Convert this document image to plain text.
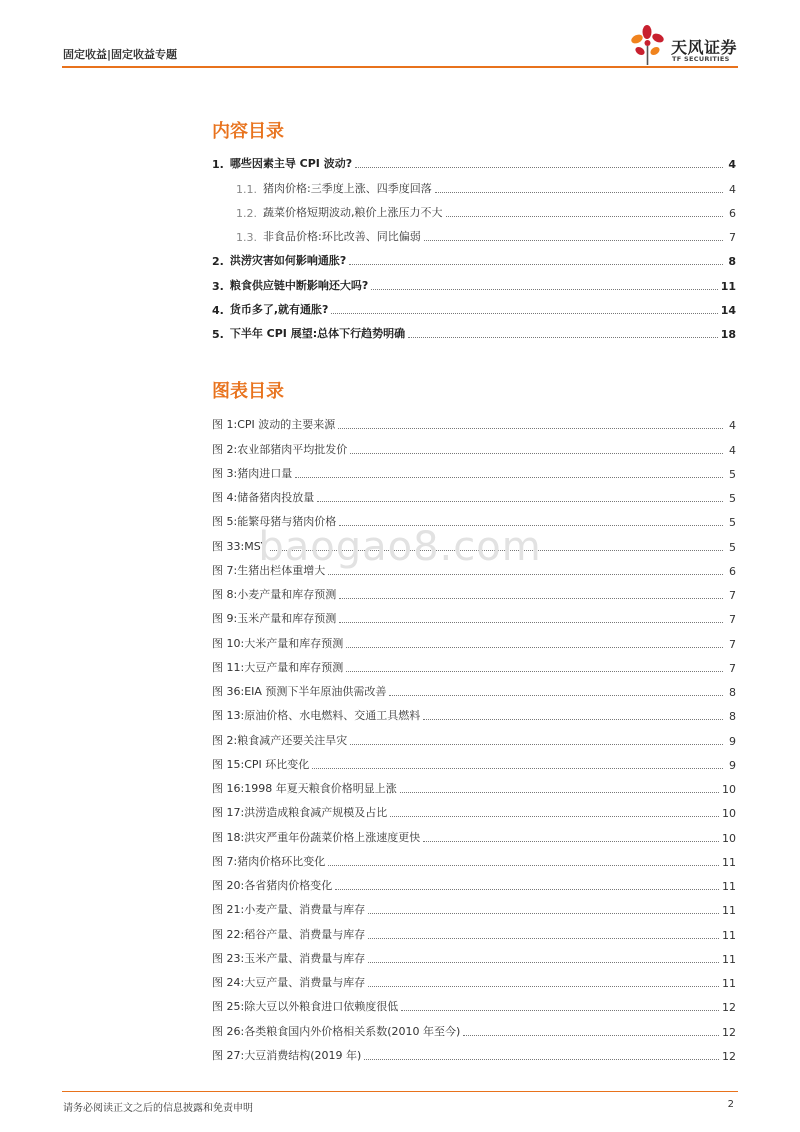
固定收益|固定收益专题	天风证券
TF SECURITIES
内容目录
1. 哪些因素主导 CPI 波动?	4
1.1. 猪肉价格:三季度上涨、四季度回落	4
1.2. 蔬菜价格短期波动,粮价上涨压力不大	6
1.3. 非食品价格:环比改善、同比偏弱	7
2. 洪涝灾害如何影响通胀?	8
3. 粮食供应链中断影响还大吗?	11
4. 货币多了,就有通胀?	14
5. 下半年 CPI 展望:总体下行趋势明确	18
图表目录
图 1:CPI 波动的主要来源	4
图 2:农业部猪肉平均批发价	4
图 3:猪肉进口量	5
图 4:储备猪肉投放量	5
图 5:能繁母猪与猪肉价格	5
图 33:MSY	5
图 7:生猪出栏体重增大	6
图 8:小麦产量和库存预测	7
图 9:玉米产量和库存预测	7
图 10:大米产量和库存预测	7
图 11:大豆产量和库存预测	7
图 36:EIA 预测下半年原油供需改善	8
图 13:原油价格、水电燃料、交通工具燃料	8
图 2:粮食减产还要关注旱灾	9
图 15:CPI 环比变化	9
图 16:1998 年夏天粮食价格明显上涨	10
图 17:洪涝造成粮食减产规模及占比	10
图 18:洪灾严重年份蔬菜价格上涨速度更快	10
图 7:猪肉价格环比变化	11
图 20:各省猪肉价格变化	11
图 21:小麦产量、消费量与库存	11
图 22:稻谷产量、消费量与库存	11
图 23:玉米产量、消费量与库存	11
图 24:大豆产量、消费量与库存	11
图 25:除大豆以外粮食进口依赖度很低	12
图 26:各类粮食国内外价格相关系数(2010 年至今)	12
图 27:大豆消费结构(2019 年)	12
baogao8.com
请务必阅读正文之后的信息披露和免责申明	2
